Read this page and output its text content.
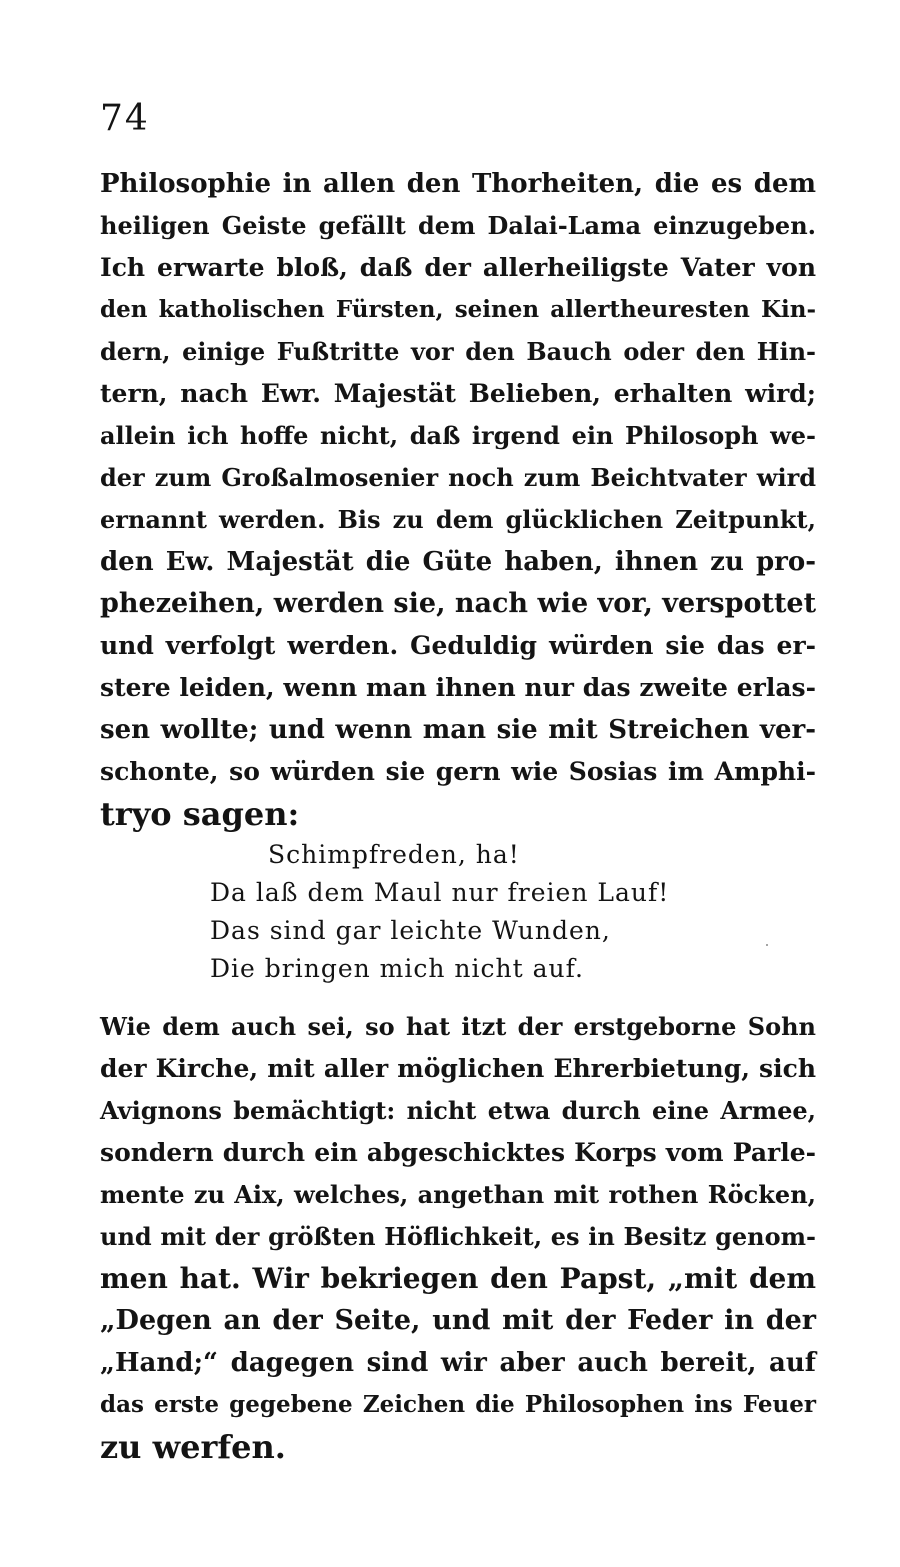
74
Philosophie in allen den Thorheiten, die es dem
heiligen Geiste gefällt dem Dalai-Lama einzugeben.
Ich erwarte bloß, daß der allerheiligste Vater von
den katholischen Fürsten, seinen allertheuresten Kin-
dern, einige Fußtritte vor den Bauch oder den Hin-
tern, nach Ewr. Majestät Belieben, erhalten wird;
allein ich hoffe nicht, daß irgend ein Philosoph we-
der zum Großalmosenier noch zum Beichtvater wird
ernannt werden. Bis zu dem glücklichen Zeitpunkt,
den Ew. Majestät die Güte haben, ihnen zu pro-
phezeihen, werden sie, nach wie vor, verspottet
und verfolgt werden. Geduldig würden sie das er-
stere leiden, wenn man ihnen nur das zweite erlas-
sen wollte; und wenn man sie mit Streichen ver-
schonte, so würden sie gern wie Sosias im Amphi-
tryo sagen:
Schimpfreden, ha!
Da laß dem Maul nur freien Lauf!
Das sind gar leichte Wunden,
Die bringen mich nicht auf.
Wie dem auch sei, so hat itzt der erstgeborne Sohn
der Kirche, mit aller möglichen Ehrerbietung, sich
Avignons bemächtigt: nicht etwa durch eine Armee,
sondern durch ein abgeschicktes Korps vom Parle-
mente zu Aix, welches, angethan mit rothen Röcken,
und mit der größten Höflichkeit, es in Besitz genom-
men hat. Wir bekriegen den Papst, „mit dem
„Degen an der Seite, und mit der Feder in der
„Hand;“ dagegen sind wir aber auch bereit, auf
das erste gegebene Zeichen die Philosophen ins Feuer
zu werfen.
